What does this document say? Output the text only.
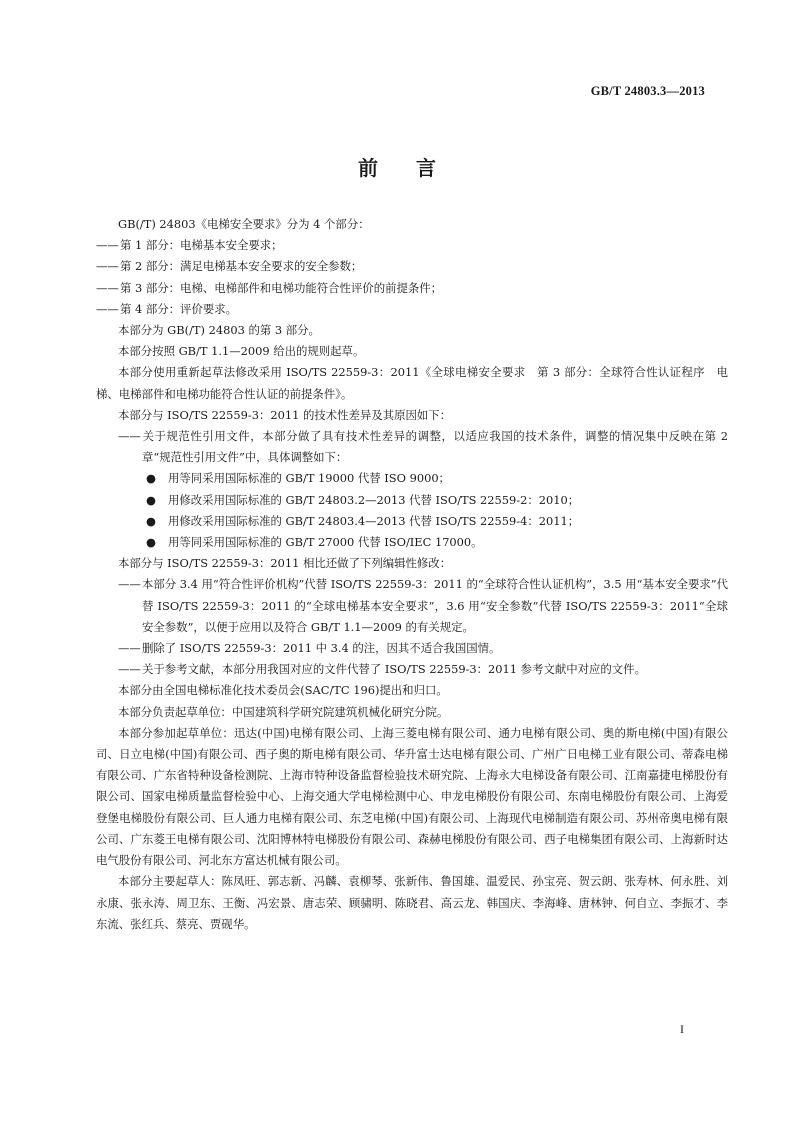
GB/T 24803.3—2013
前言

GB(/T) 24803《电梯安全要求》分为 4 个部分：

——第 1 部分：电梯基本安全要求；

——第 2 部分：满足电梯基本安全要求的安全参数；

——第 3 部分：电梯、电梯部件和电梯功能符合性评价的前提条件；

——第 4 部分：评价要求。

本部分为 GB(/T) 24803 的第 3 部分。

本部分按照 GB/T 1.1—2009 给出的规则起草。

本部分使用重新起草法修改采用 ISO/TS 22559-3：2011《全球电梯安全要求　第 3 部分：全球符合性认证程序　电梯、电梯部件和电梯功能符合性认证的前提条件》。

本部分与 ISO/TS 22559-3：2011 的技术性差异及其原因如下：

——关于规范性引用文件，本部分做了具有技术性差异的调整，以适应我国的技术条件，调整的情况集中反映在第 2 章“规范性引用文件”中，具体调整如下：

● 用等同采用国际标准的 GB/T 19000 代替 ISO 9000；
● 用修改采用国际标准的 GB/T 24803.2—2013 代替 ISO/TS 22559-2：2010；
● 用修改采用国际标准的 GB/T 24803.4—2013 代替 ISO/TS 22559-4：2011；
● 用等同采用国际标准的 GB/T 27000 代替 ISO/IEC 17000。

本部分与 ISO/TS 22559-3：2011 相比还做了下列编辑性修改：

——本部分 3.4 用“符合性评价机构”代替 ISO/TS 22559-3：2011 的“全球符合性认证机构”，3.5 用“基本安全要求”代替 ISO/TS 22559-3：2011 的“全球电梯基本安全要求”，3.6 用“安全参数”代替 ISO/TS 22559-3：2011“全球安全参数”，以便于应用以及符合 GB/T 1.1—2009 的有关规定。

——删除了 ISO/TS 22559-3：2011 中 3.4 的注，因其不适合我国国情。

——关于参考文献，本部分用我国对应的文件代替了 ISO/TS 22559-3：2011 参考文献中对应的文件。

本部分由全国电梯标准化技术委员会(SAC/TC 196)提出和归口。

本部分负责起草单位：中国建筑科学研究院建筑机械化研究分院。

本部分参加起草单位：迅达(中国)电梯有限公司、上海三菱电梯有限公司、通力电梯有限公司、奥的斯电梯(中国)有限公司、日立电梯(中国)有限公司、西子奥的斯电梯有限公司、华升富士达电梯有限公司、广州广日电梯工业有限公司、蒂森电梯有限公司、广东省特种设备检测院、上海市特种设备监督检验技术研究院、上海永大电梯设备有限公司、江南嘉捷电梯股份有限公司、国家电梯质量监督检验中心、上海交通大学电梯检测中心、申龙电梯股份有限公司、东南电梯股份有限公司、上海爱登堡电梯股份有限公司、巨人通力电梯有限公司、东芝电梯(中国)有限公司、上海现代电梯制造有限公司、苏州帝奥电梯有限公司、广东菱王电梯有限公司、沈阳博林特电梯股份有限公司、森赫电梯股份有限公司、西子电梯集团有限公司、上海新时达电气股份有限公司、河北东方富达机械有限公司。

本部分主要起草人：陈凤旺、郭志新、冯麟、袁柳琴、张新伟、鲁国雄、温爱民、孙宝亮、贺云朗、张寿林、何永胜、刘永康、张永涛、周卫东、王衡、冯宏景、唐志荣、顾骕明、陈晓君、高云龙、韩国庆、李海峰、唐林钟、何自立、李振才、李东流、张红兵、蔡亮、贾砚华。

I
